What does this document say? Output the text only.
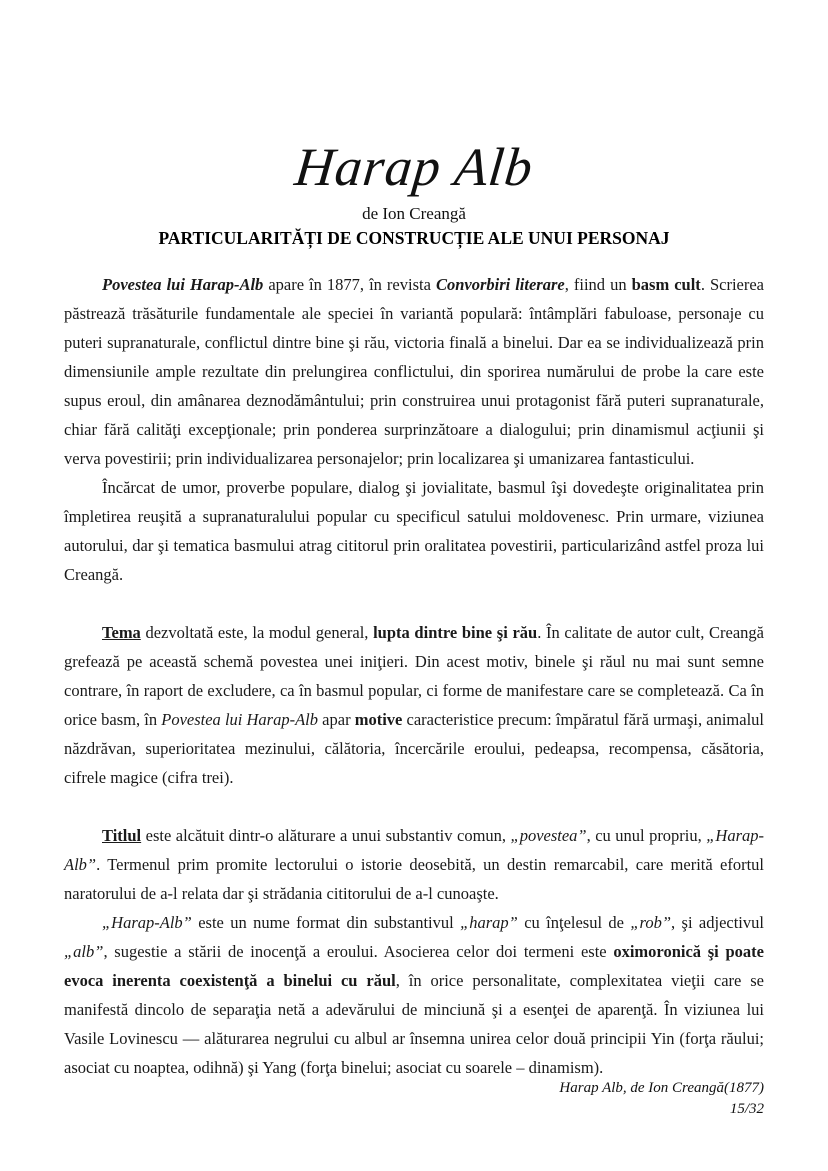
Harap Alb
de Ion Creangă
PARTICULARITĂȚI DE CONSTRUCȚIE ALE UNUI PERSONAJ

Povestea lui Harap-Alb apare în 1877, în revista Convorbiri literare, fiind un basm cult. Scrierea păstrează trăsăturile fundamentale ale speciei în variantă populară: întâmplări fabuloase, personaje cu puteri supranaturale, conflictul dintre bine şi rău, victoria finală a binelui. Dar ea se individualizează prin dimensiunile ample rezultate din prelungirea conflictului, din sporirea numărului de probe la care este supus eroul, din amânarea deznodământului; prin construirea unui protagonist fără puteri supranaturale, chiar fără calităţi excepţionale; prin ponderea surprinzătoare a dialogului; prin dinamismul acţiunii şi verva povestirii; prin individualizarea personajelor; prin localizarea şi umanizarea fantasticului.

Încărcat de umor, proverbe populare, dialog şi jovialitate, basmul îşi dovedeşte originalitatea prin împletirea reuşită a supranaturalului popular cu specificul satului moldovenesc. Prin urmare, viziunea autorului, dar şi tematica basmului atrag cititorul prin oralitatea povestirii, particularizând astfel proza lui Creangă.

Tema dezvoltată este, la modul general, lupta dintre bine şi rău. În calitate de autor cult, Creangă grefează pe această schemă povestea unei iniţieri. Din acest motiv, binele şi răul nu mai sunt semne contrare, în raport de excludere, ca în basmul popular, ci forme de manifestare care se completează. Ca în orice basm, în Povestea lui Harap-Alb apar motive caracteristice precum: împăratul fără urmaşi, animalul năzdrăvan, superioritatea mezinului, călătoria, încercările eroului, pedeapsa, recompensa, căsătoria, cifrele magice (cifra trei).

Titlul este alcătuit dintr-o alăturare a unui substantiv comun, „povestea”, cu unul propriu, „Harap-Alb”. Termenul prim promite lectorului o istorie deosebită, un destin remarcabil, care merită efortul naratorului de a-l relata dar şi strădania cititorului de a-l cunoaşte.

„Harap-Alb” este un nume format din substantivul „harap” cu înţelesul de „rob”, şi adjectivul „alb”, sugestie a stării de inocenţă a eroului. Asocierea celor doi termeni este oximoronică şi poate evoca inerenta coexistenţă a binelui cu răul, în orice personalitate, complexitatea vieţii care se manifestă dincolo de separaţia netă a adevărului de minciună şi a esenţei de aparenţă. În viziunea lui Vasile Lovinescu — alăturarea negrului cu albul ar însemna unirea celor două principii Yin (forţa răului; asociat cu noaptea, odihnă) şi Yang (forţa binelui; asociat cu soarele – dinamism).

Harap Alb, de Ion Creangă(1877)
15/32
